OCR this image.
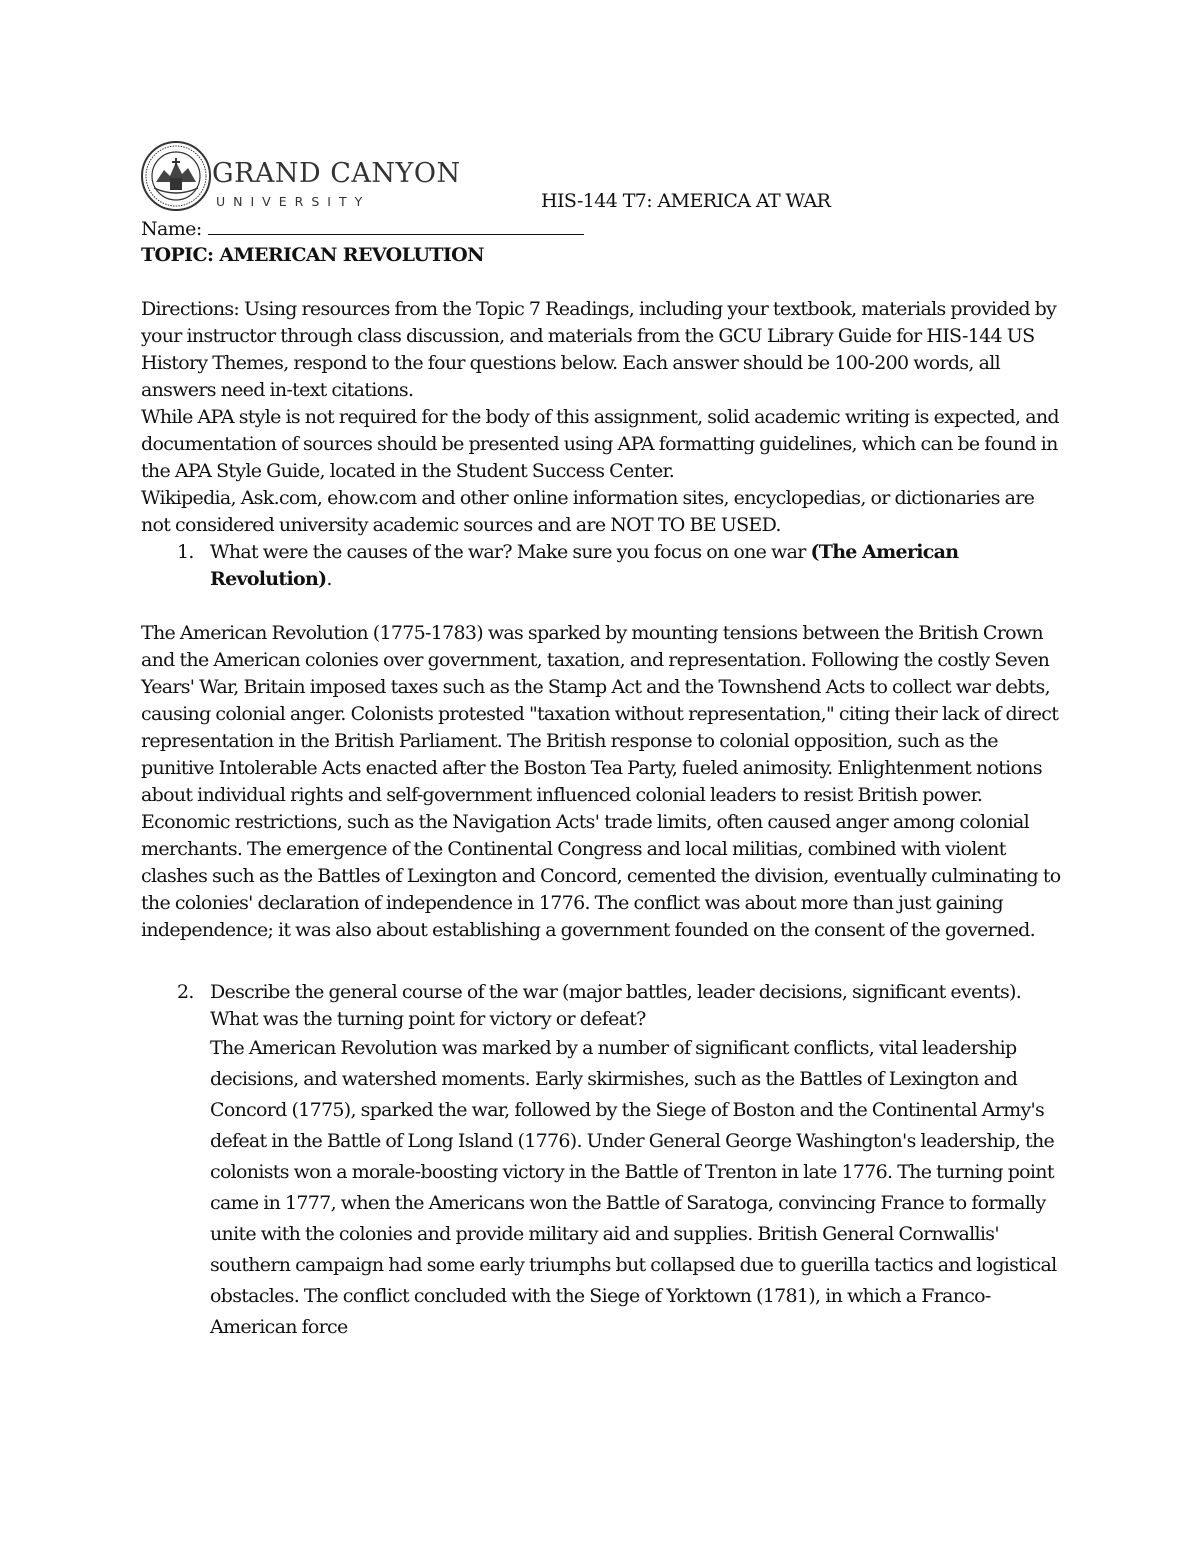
GRAND CANYON
UNIVERSITY	HIS-144 T7: AMERICA AT WAR
Name:
TOPIC: AMERICAN REVOLUTION

Directions: Using resources from the Topic 7 Readings, including your textbook, materials provided by your instructor through class discussion, and materials from the GCU Library Guide for HIS-144 US History Themes, respond to the four questions below. Each answer should be 100-200 words, all answers need in-text citations.

While APA style is not required for the body of this assignment, solid academic writing is expected, and documentation of sources should be presented using APA formatting guidelines, which can be found in the APA Style Guide, located in the Student Success Center.

Wikipedia, Ask.com, ehow.com and other online information sites, encyclopedias, or dictionaries are not considered university academic sources and are NOT TO BE USED.

1. What were the causes of the war? Make sure you focus on one war (The American Revolution).

The American Revolution (1775-1783) was sparked by mounting tensions between the British Crown and the American colonies over government, taxation, and representation. Following the costly Seven Years' War, Britain imposed taxes such as the Stamp Act and the Townshend Acts to collect war debts, causing colonial anger. Colonists protested "taxation without representation," citing their lack of direct representation in the British Parliament. The British response to colonial opposition, such as the punitive Intolerable Acts enacted after the Boston Tea Party, fueled animosity. Enlightenment notions about individual rights and self-government influenced colonial leaders to resist British power. Economic restrictions, such as the Navigation Acts' trade limits, often caused anger among colonial merchants. The emergence of the Continental Congress and local militias, combined with violent clashes such as the Battles of Lexington and Concord, cemented the division, eventually culminating to the colonies' declaration of independence in 1776. The conflict was about more than just gaining independence; it was also about establishing a government founded on the consent of the governed.

2. Describe the general course of the war (major battles, leader decisions, significant events). What was the turning point for victory or defeat?
The American Revolution was marked by a number of significant conflicts, vital leadership decisions, and watershed moments. Early skirmishes, such as the Battles of Lexington and Concord (1775), sparked the war, followed by the Siege of Boston and the Continental Army's defeat in the Battle of Long Island (1776). Under General George Washington's leadership, the colonists won a morale-boosting victory in the Battle of Trenton in late 1776. The turning point came in 1777, when the Americans won the Battle of Saratoga, convincing France to formally unite with the colonies and provide military aid and supplies. British General Cornwallis' southern campaign had some early triumphs but collapsed due to guerilla tactics and logistical obstacles. The conflict concluded with the Siege of Yorktown (1781), in which a Franco-American force
